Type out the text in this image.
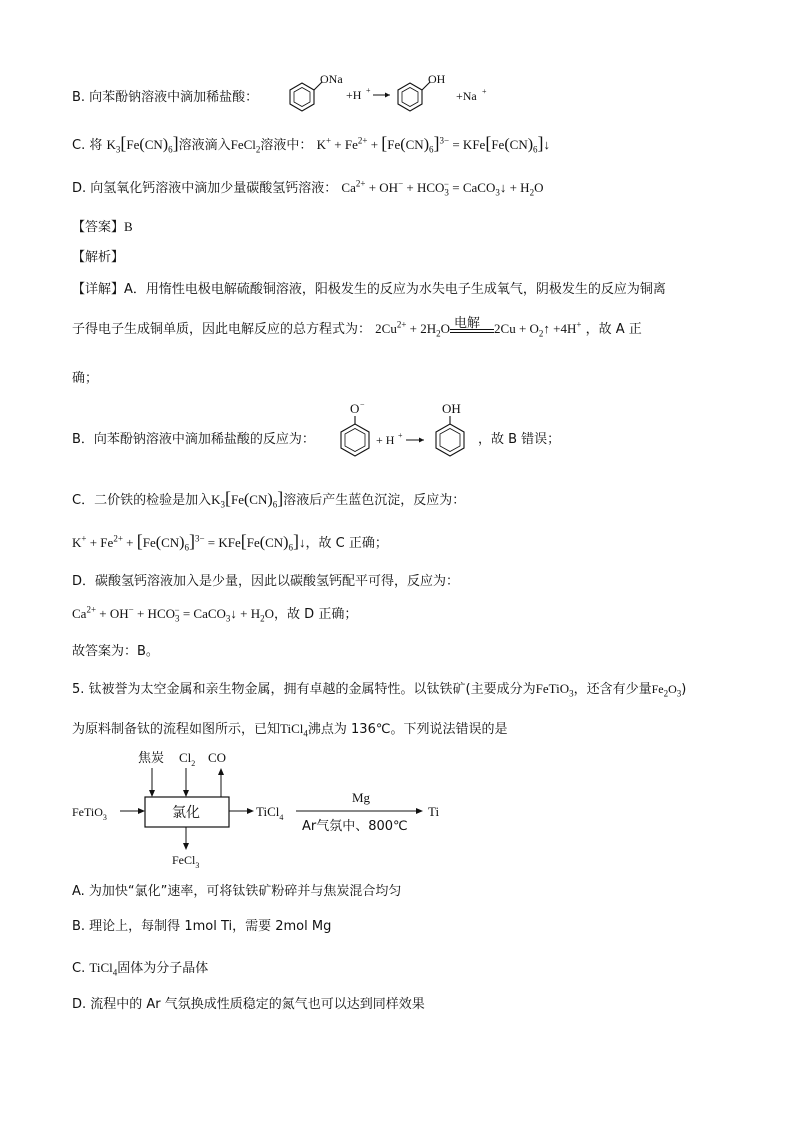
B. 向苯酚钠溶液中滴加稀盐酸：
ONa
+H +
OH
+Na +
C. 将 $K_3[Fe(CN)_6]$溶液滴入FeCl$_2$溶液中： $K^+ + Fe^{2+} + [Fe(CN)_6]^{3-}$ = $KFe[Fe(CN)_6]↓$
D. 向氢氧化钙溶液中滴加少量碳酸氢钙溶液： $Ca^{2+} + OH^- + HCO_3^-$ = CaCO$_3$↓ + $H_2O$
【答案】B
【解析】
【详解】A．用惰性电极电解硫酸铜溶液，阳极发生的反应为水失电子生成氧气，阴极发生的反应为铜离
子得电子生成铜单质，因此电解反应的总方程式为： $2Cu^{2+} + 2H_2O$ 电解 $2Cu + O_2↑ +4H^+$ ，故 A 正
确；
B．向苯酚钠溶液中滴加稀盐酸的反应为：
O −
+ H +
OH
，故 B 错误；
C．二价铁的检验是加入$K_3[Fe(CN)_6]$溶液后产生蓝色沉淀，反应为：
$K^+ + Fe^{2+} + [Fe(CN)_6]^{3-}$ = $KFe[Fe(CN)_6]↓$，故 C 正确；
D．碳酸氢钙溶液加入是少量，因此以碳酸氢钙配平可得，反应为：
$Ca^{2+} + OH^- + HCO_3^-$ = CaCO$_3$↓ + $H_2O$，故 D 正确；
故答案为：B。
5. 钛被誉为太空金属和亲生物金属，拥有卓越的金属特性。以钛铁矿(主要成分为FeTiO$_3$，还含有少量$Fe_2O_3$)
为原料制备钛的流程如图所示，已知TiCl$_4$沸点为 136℃。下列说法错误的是
焦炭 $Cl_2$ CO
FeTiO$_3$	氯化	TiCl$_4$
Mg
Ar气氛中、800℃
Ti
FeCl$_3$
A. 为加快“氯化”速率，可将钛铁矿粉碎并与焦炭混合均匀
B. 理论上，每制得 1mol Ti，需要 2mol Mg
C. TiCl$_4$固体为分子晶体
D. 流程中的 Ar 气氛换成性质稳定的氮气也可以达到同样效果
